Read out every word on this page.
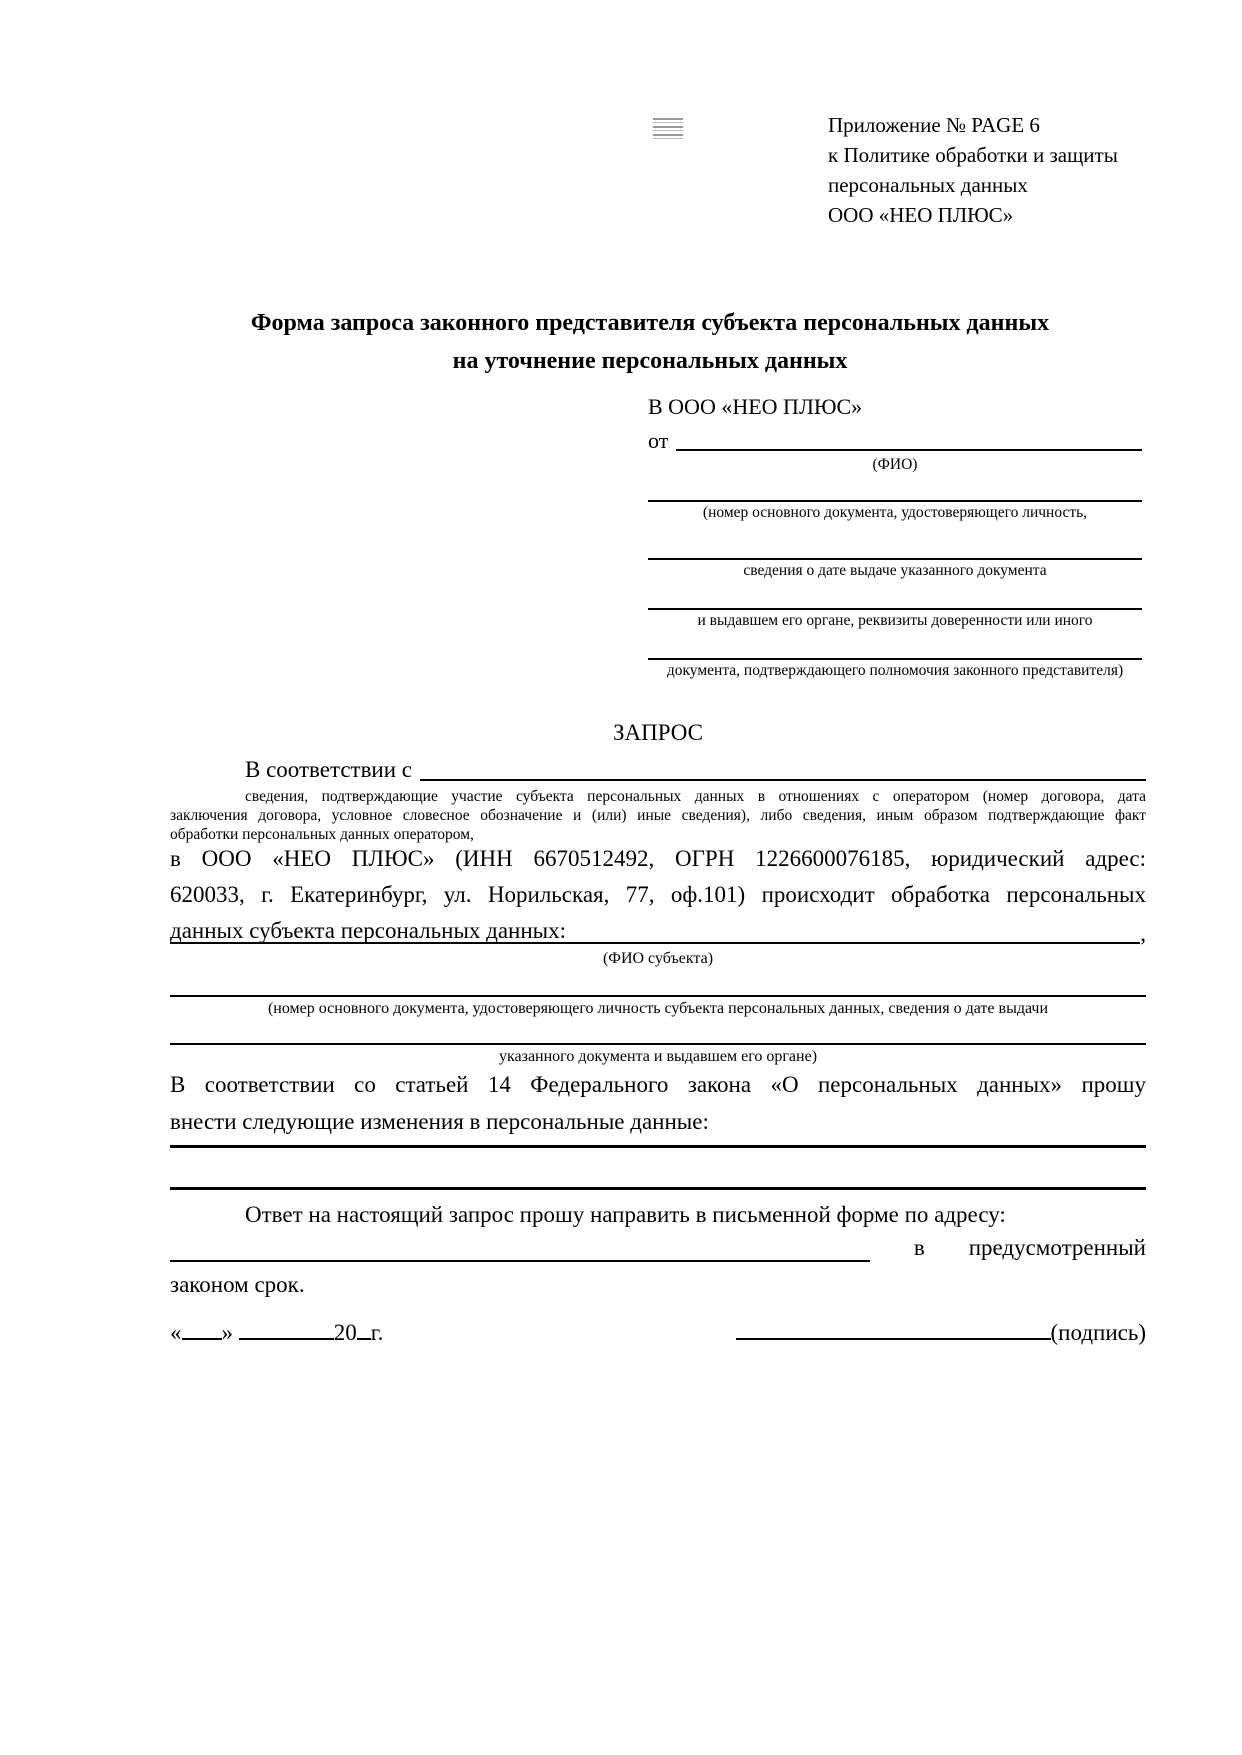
Приложение № PAGE 6
к Политике обработки и защиты
персональных данных
ООО «НЕО ПЛЮС»
Форма запроса законного представителя субъекта персональных данных
на уточнение персональных данных
В ООО «НЕО ПЛЮС»
от
(ФИО)
(номер основного документа, удостоверяющего личность,
сведения о дате выдаче указанного документа
и выдавшем его органе, реквизиты доверенности или иного
документа, подтверждающего полномочия законного представителя)
ЗАПРОС
В соответствии с
сведения, подтверждающие участие субъекта персональных данных в отношениях с оператором (номер договора, дата
заключения договора, условное словесное обозначение и (или) иные сведения), либо сведения, иным образом подтверждающие факт
обработки персональных данных оператором,
в ООО «НЕО ПЛЮС» (ИНН 6670512492, ОГРН 1226600076185, юридический адрес:
620033, г. Екатеринбург, ул. Норильская, 77, оф.101) происходит обработка персональных
данных субъекта персональных данных:	,
(ФИО субъекта)
(номер основного документа, удостоверяющего личность субъекта персональных данных, сведения о дате выдачи
указанного документа и выдавшем его органе)
В соответствии со статьей 14 Федерального закона «О персональных данных» прошу
внести следующие изменения в персональные данные:
Ответ на настоящий запрос прошу направить в письменной форме по адресу:
в предусмотренный
законом срок.
« »	20 г.	(подпись)
